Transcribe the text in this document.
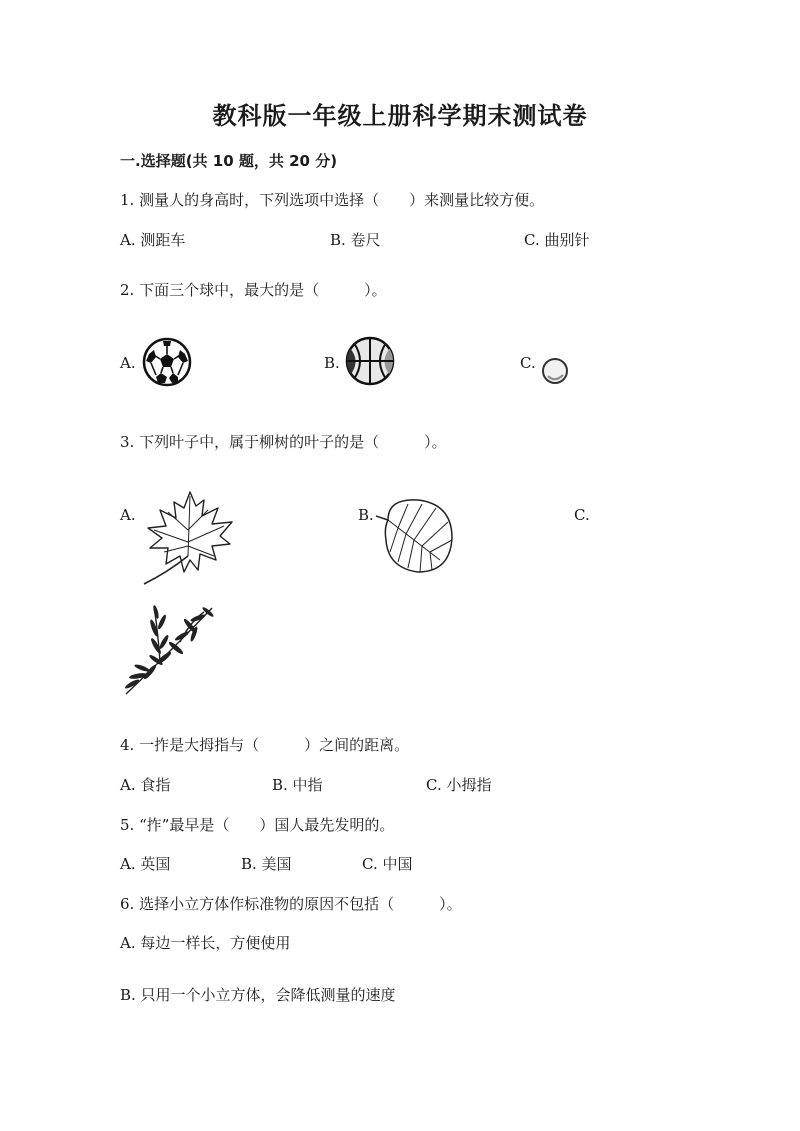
教科版一年级上册科学期末测试卷
一.选择题(共 10 题，共 20 分)
1. 测量人的身高时，下列选项中选择（　　）来测量比较方便。
A. 测距车	B. 卷尺	C. 曲别针
2. 下面三个球中，最大的是（　　　）。
A.	B.	C.
3. 下列叶子中，属于柳树的叶子的是（　　　）。
A.	B.	C.
4. 一拃是大拇指与（　　　）之间的距离。
A. 食指	B. 中指	C. 小拇指
5. “拃”最早是（　　）国人最先发明的。
A. 英国	B. 美国	C. 中国
6. 选择小立方体作标准物的原因不包括（　　　）。
A. 每边一样长，方便使用
B. 只用一个小立方体，会降低测量的速度
